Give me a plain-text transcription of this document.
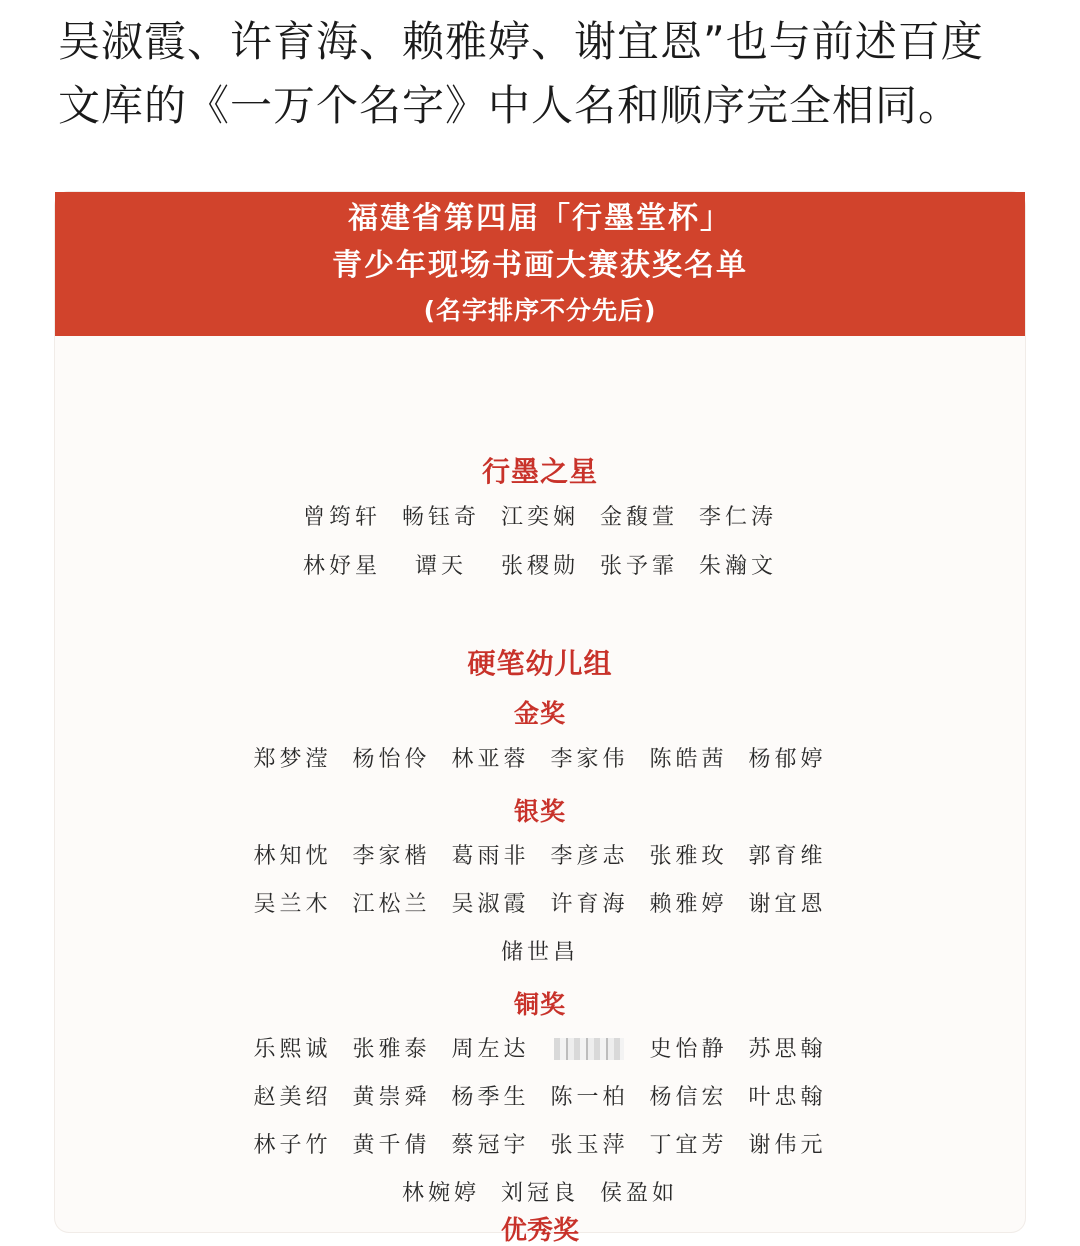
吴淑霞、许育海、赖雅婷、谢宜恩”也与前述百度

文库的《一万个名字》中人名和顺序完全相同。

福建省第四届「行墨堂杯」
青少年现场书画大赛获奖名单
(名字排序不分先后)
行墨之星
曾筠轩 畅钰奇 江奕娴 金馥萱 李仁涛
林妤星	谭天	张稷勋 张予霏 朱瀚文
硬笔幼儿组
金奖
郑梦滢 杨怡伶 林亚蓉 李家伟 陈皓茜 杨郁婷
银奖
林知忱 李家楷 葛雨非 李彦志 张雅玫 郭育维
吴兰木 江松兰 吴淑霞 许育海 赖雅婷 谢宜恩
储世昌
铜奖
乐熙诚 张雅泰 周左达	史怡静 苏思翰
赵美绍 黄崇舜 杨季生 陈一柏 杨信宏 叶忠翰
林子竹 黄千倩 蔡冠宇 张玉萍 丁宜芳 谢伟元
林婉婷 刘冠良 侯盈如
优秀奖
